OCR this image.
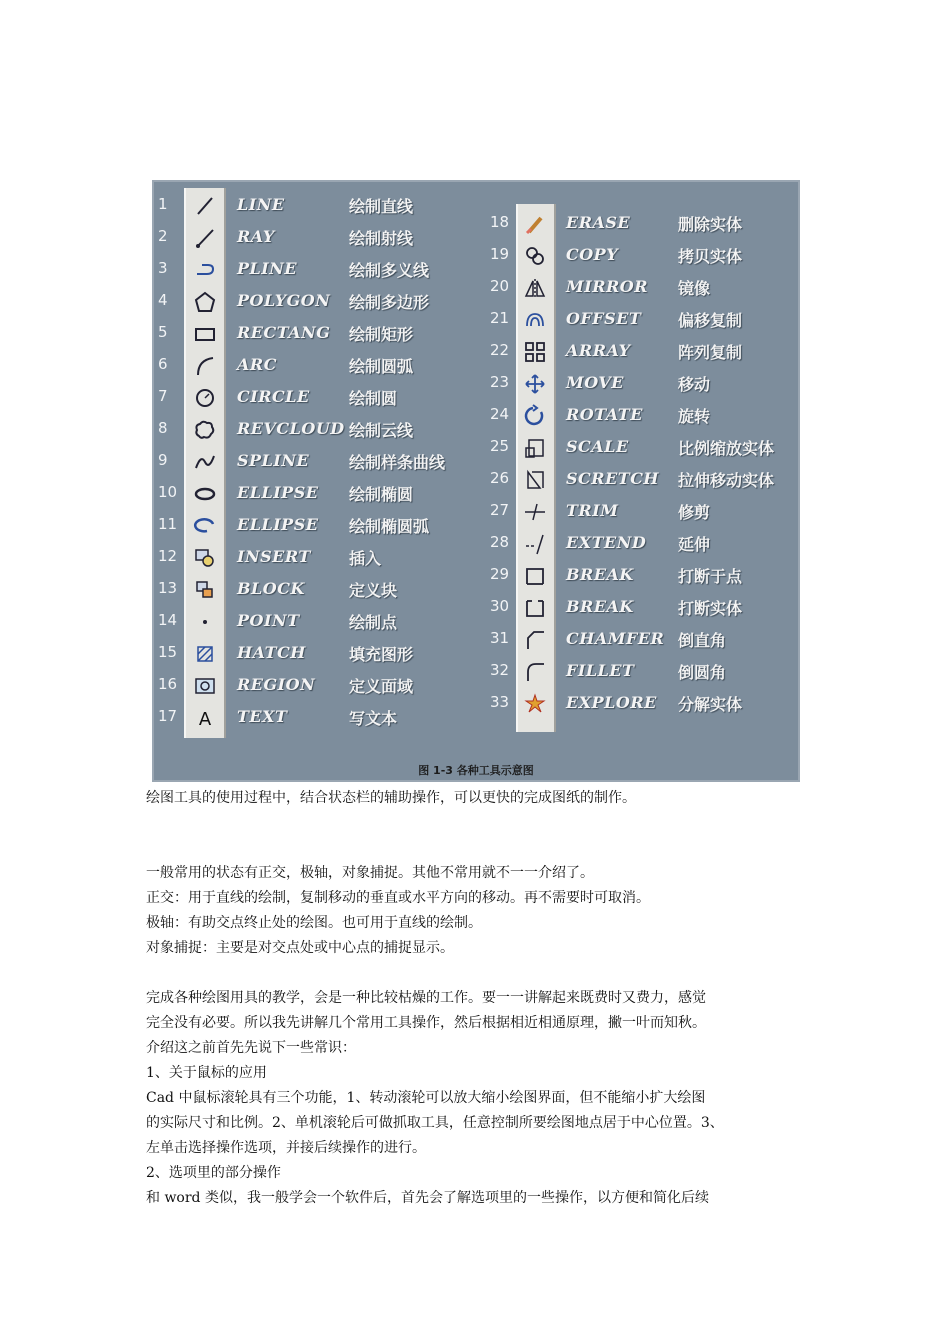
1	LINE	绘制直线
2	RAY	绘制射线
3	PLINE	绘制多义线
4	POLYGON 绘制多边形
5	RECTANG 绘制矩形
6	ARC	绘制圆弧
7	CIRCLE 绘制圆
8	REVCLOUD 绘制云线
9	SPLINE 绘制样条曲线
10	ELLIPSE 绘制椭圆
11	ELLIPSE 绘制椭圆弧
12	INSERT 插入
13	BLOCK	定义块
14	POINT	绘制点
15	HATCH	填充图形
16	REGION 定义面域
17	A TEXT	写文本
18	ERASE	删除实体
19	COPY	拷贝实体
20	MIRROR 镜像
21	OFFSET 偏移复制
22	ARRAY	阵列复制
23	MOVE	移动
24	ROTATE 旋转
25	SCALE	比例缩放实体
26	SCRETCH 拉伸移动实体
27	TRIM	修剪
28	EXTEND 延伸
29	BREAK	打断于点
30	BREAK	打断实体
31	CHAMFER 倒直角
32	FILLET	倒圆角
33	EXPLORE 分解实体
图 1-3 各种工具示意图
绘图工具的使用过程中，结合状态栏的辅助操作，可以更快的完成图纸的制作。
一般常用的状态有正交，极轴，对象捕捉。其他不常用就不一一介绍了。
正交：用于直线的绘制，复制移动的垂直或水平方向的移动。再不需要时可取消。
极轴：有助交点终止处的绘图。也可用于直线的绘制。
对象捕捉：主要是对交点处或中心点的捕捉显示。
完成各种绘图用具的教学，会是一种比较枯燥的工作。要一一讲解起来既费时又费力，感觉
完全没有必要。所以我先讲解几个常用工具操作，然后根据相近相通原理，撇一叶而知秋。
介绍这之前首先先说下一些常识：
1、关于鼠标的应用
Cad 中鼠标滚轮具有三个功能，1、转动滚轮可以放大缩小绘图界面，但不能缩小扩大绘图
的实际尺寸和比例。2、单机滚轮后可做抓取工具，任意控制所要绘图地点居于中心位置。3、
左单击选择操作选项，并接后续操作的进行。
2、选项里的部分操作
和 word 类似，我一般学会一个软件后，首先会了解选项里的一些操作，以方便和简化后续
